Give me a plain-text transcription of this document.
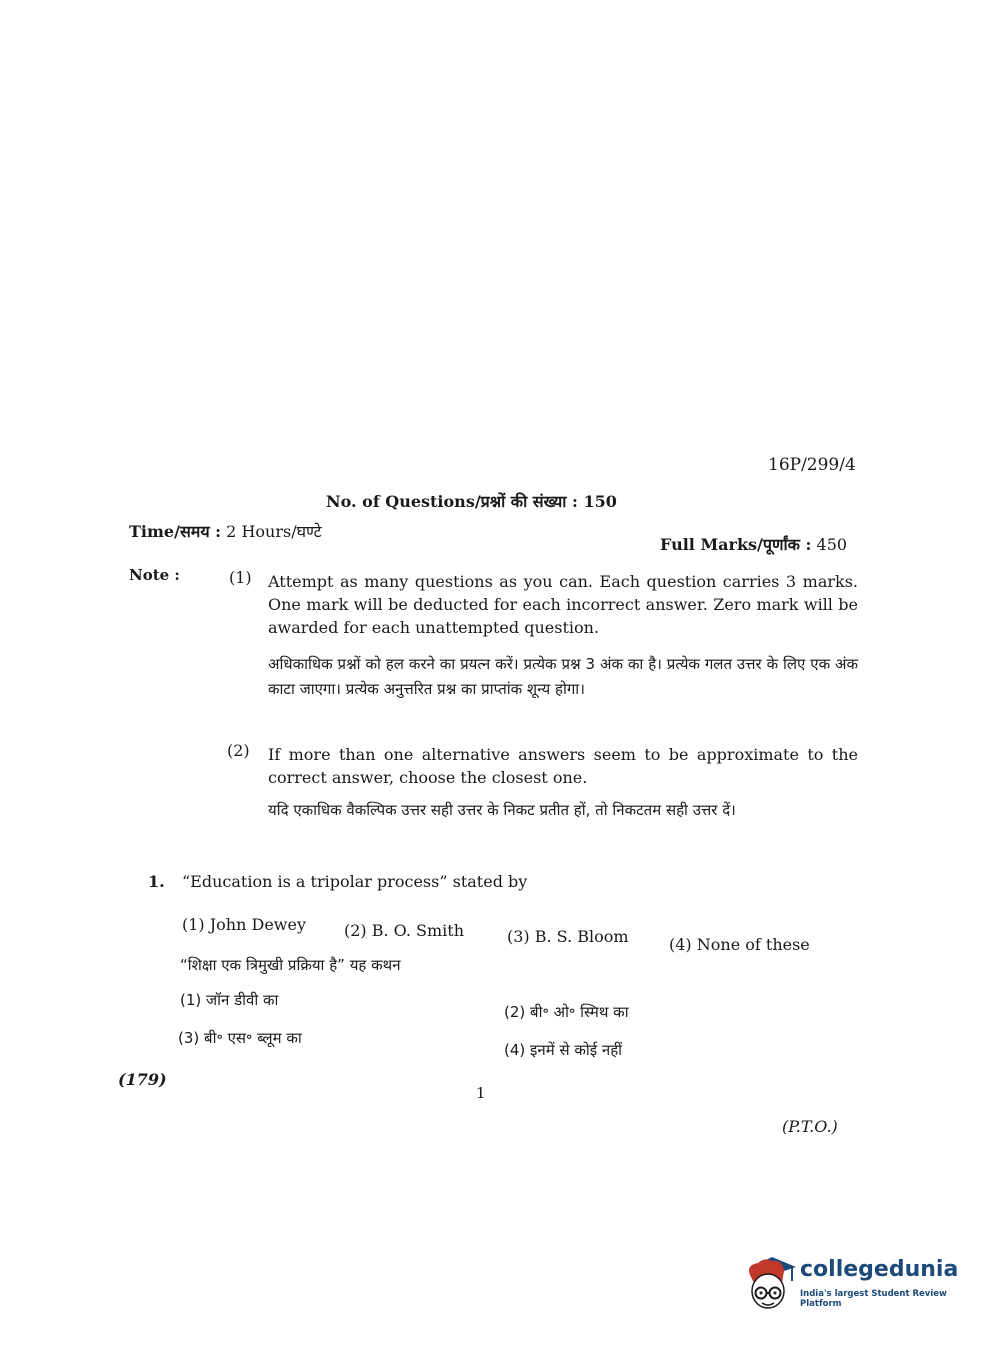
16P/299/4
No. of Questions/प्रश्नों की संख्या : 150
Time/समय : 2 Hours/घण्टे
Full Marks/पूर्णांक : 450
Note :	(1) Attempt as many questions as you can. Each question carries 3 marks. One mark will be deducted for each incorrect answer. Zero mark will be awarded for each unattempted question.
अधिकाधिक प्रश्नों को हल करने का प्रयत्न करें। प्रत्येक प्रश्न 3 अंक का है। प्रत्येक गलत उत्तर के लिए एक अंक काटा जाएगा। प्रत्येक अनुत्तरित प्रश्न का प्राप्तांक शून्य होगा।
(2) If more than one alternative answers seem to be approximate to the correct answer, choose the closest one.
यदि एकाधिक वैकल्पिक उत्तर सही उत्तर के निकट प्रतीत हों, तो निकटतम सही उत्तर दें।
1. “Education is a tripolar process” stated by
(1) John Dewey (2) B. O. Smith	(3) B. S. Bloom	(4) None of these
“शिक्षा एक त्रिमुखी प्रक्रिया है” यह कथन
(1) जॉन डीवी का
(2) बी॰ ओ॰ स्मिथ का
(3) बी॰ एस॰ ब्लूम का
(4) इनमें से कोई नहीं
(179)
1
(P.T.O.)
collegedunia
India's largest Student Review Platform
